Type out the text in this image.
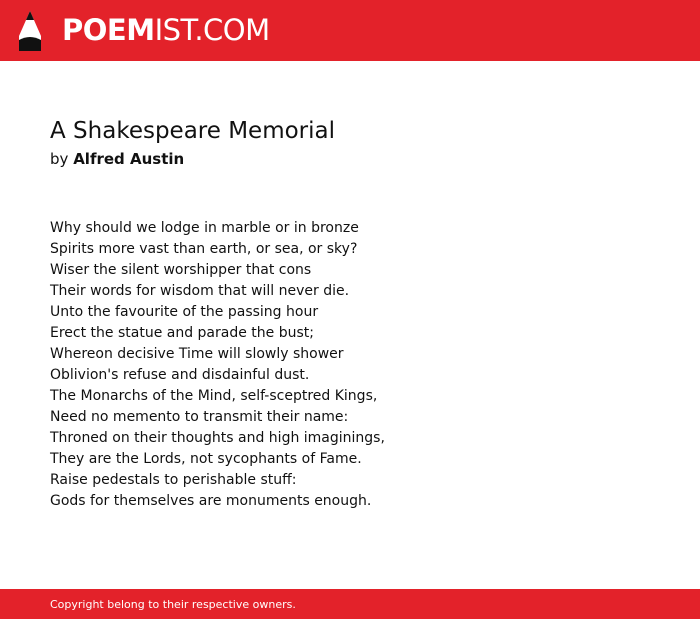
POEMIST.COM
A Shakespeare Memorial
by Alfred Austin
Why should we lodge in marble or in bronze
Spirits more vast than earth, or sea, or sky?
Wiser the silent worshipper that cons
Their words for wisdom that will never die.
Unto the favourite of the passing hour
Erect the statue and parade the bust;
Whereon decisive Time will slowly shower
Oblivion's refuse and disdainful dust.
The Monarchs of the Mind, self-sceptred Kings,
Need no memento to transmit their name:
Throned on their thoughts and high imaginings,
They are the Lords, not sycophants of Fame.
Raise pedestals to perishable stuff:
Gods for themselves are monuments enough.
Copyright belong to their respective owners.
